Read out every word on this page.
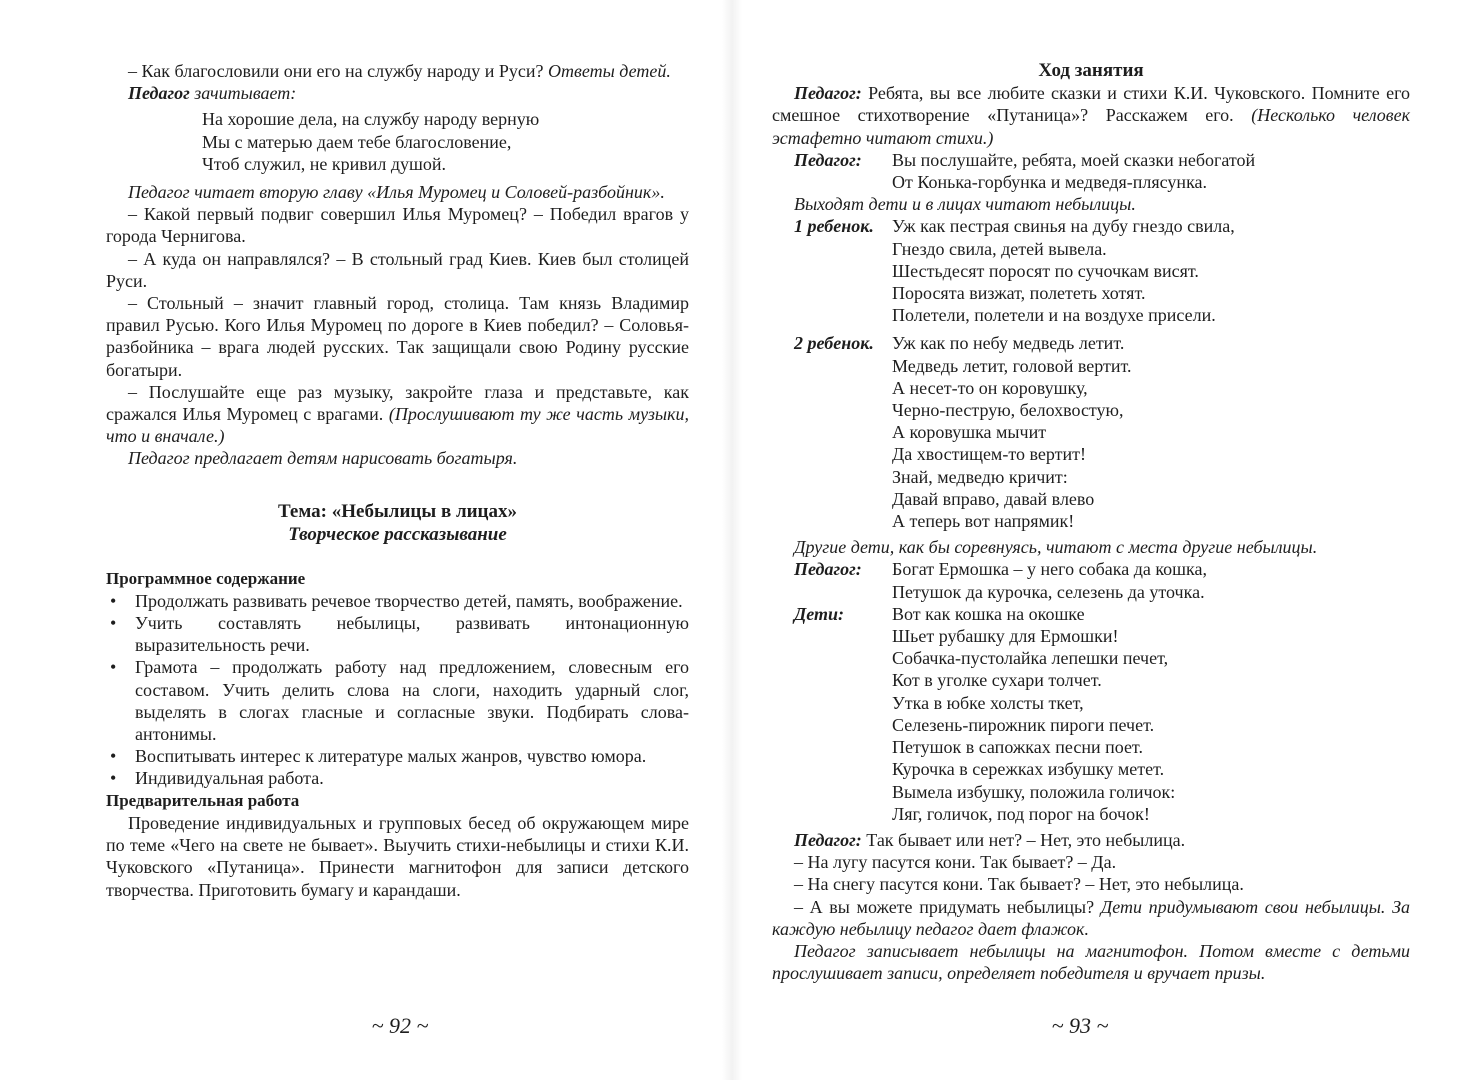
– Как благословили они его на службу народу и Руси? Ответы детей.

Педагог зачитывает:

На хорошие дела, на службу народу верную
Мы с матерью даем тебе благословение,
Чтоб служил, не кривил душой.

Педагог читает вторую главу «Илья Муромец и Соловей-разбойник».

– Какой первый подвиг совершил Илья Муромец? – Победил врагов у города Чернигова.

– А куда он направлялся? – В стольный град Киев. Киев был столицей Руси.

– Стольный – значит главный город, столица. Там князь Владимир правил Русью. Кого Илья Муромец по дороге в Киев победил? – Соловья-разбойника – врага людей русских. Так защищали свою Родину русские богатыри.

– Послушайте еще раз музыку, закройте глаза и представьте, как сражался Илья Муромец с врагами. (Прослушивают ту же часть музыки, что и вначале.)

Педагог предлагает детям нарисовать богатыря.

Тема: «Небылицы в лицах»
Творческое рассказывание
Программное содержание
• Продолжать развивать речевое творчество детей, память, воображение.
• Учить составлять небылицы, развивать интонационную выразительность речи.
• Грамота – продолжать работу над предложением, словесным его составом. Учить делить слова на слоги, находить ударный слог, выделять в слогах гласные и согласные звуки. Подбирать слова-антонимы.
• Воспитывать интерес к литературе малых жанров, чувство юмора.
• Индивидуальная работа.
Предварительная работа

Проведение индивидуальных и групповых бесед об окружающем мире по теме «Чего на свете не бывает». Выучить стихи-небылицы и стихи К.И. Чуковского «Путаница». Принести магнитофон для записи детского творчества. Приготовить бумагу и карандаши.

~ 92 ~
Ход занятия

Педагог: Ребята, вы все любите сказки и стихи К.И. Чуковского. Помните его смешное стихотворение «Путаница»? Расскажем его. (Несколько человек эстафетно читают стихи.)

Педагог:	Вы послушайте, ребята, моей сказки небогатой
От Конька-горбунка и медведя-плясунка.

Выходят дети и в лицах читают небылицы.

1 ребенок.	Уж как пестрая свинья на дубу гнездо свила,
Гнездо свила, детей вывела.
Шестьдесят поросят по сучочкам висят.
Поросята визжат, полететь хотят.
Полетели, полетели и на воздухе присели.
2 ребенок.	Уж как по небу медведь летит.
Медведь летит, головой вертит.
А несет-то он коровушку,
Черно-пеструю, белохвостую,
А коровушка мычит
Да хвостищем-то вертит!
Знай, медведю кричит:
Давай вправо, давай влево
А теперь вот напрямик!

Другие дети, как бы соревнуясь, читают с места другие небылицы.

Педагог:	Богат Ермошка – у него собака да кошка,
Петушок да курочка, селезень да уточка.
Дети:	Вот как кошка на окошке
Шьет рубашку для Ермошки!
Собачка-пустолайка лепешки печет,
Кот в уголке сухари толчет.
Утка в юбке холсты ткет,
Селезень-пирожник пироги печет.
Петушок в сапожках песни поет.
Курочка в сережках избушку метет.
Вымела избушку, положила голичок:
Ляг, голичок, под порог на бочок!

Педагог: Так бывает или нет? – Нет, это небылица.

– На лугу пасутся кони. Так бывает? – Да.

– На снегу пасутся кони. Так бывает? – Нет, это небылица.

– А вы можете придумать небылицы? Дети придумывают свои небылицы. За каждую небылицу педагог дает флажок.

Педагог записывает небылицы на магнитофон. Потом вместе с детьми прослушивает записи, определяет победителя и вручает призы.

~ 93 ~
